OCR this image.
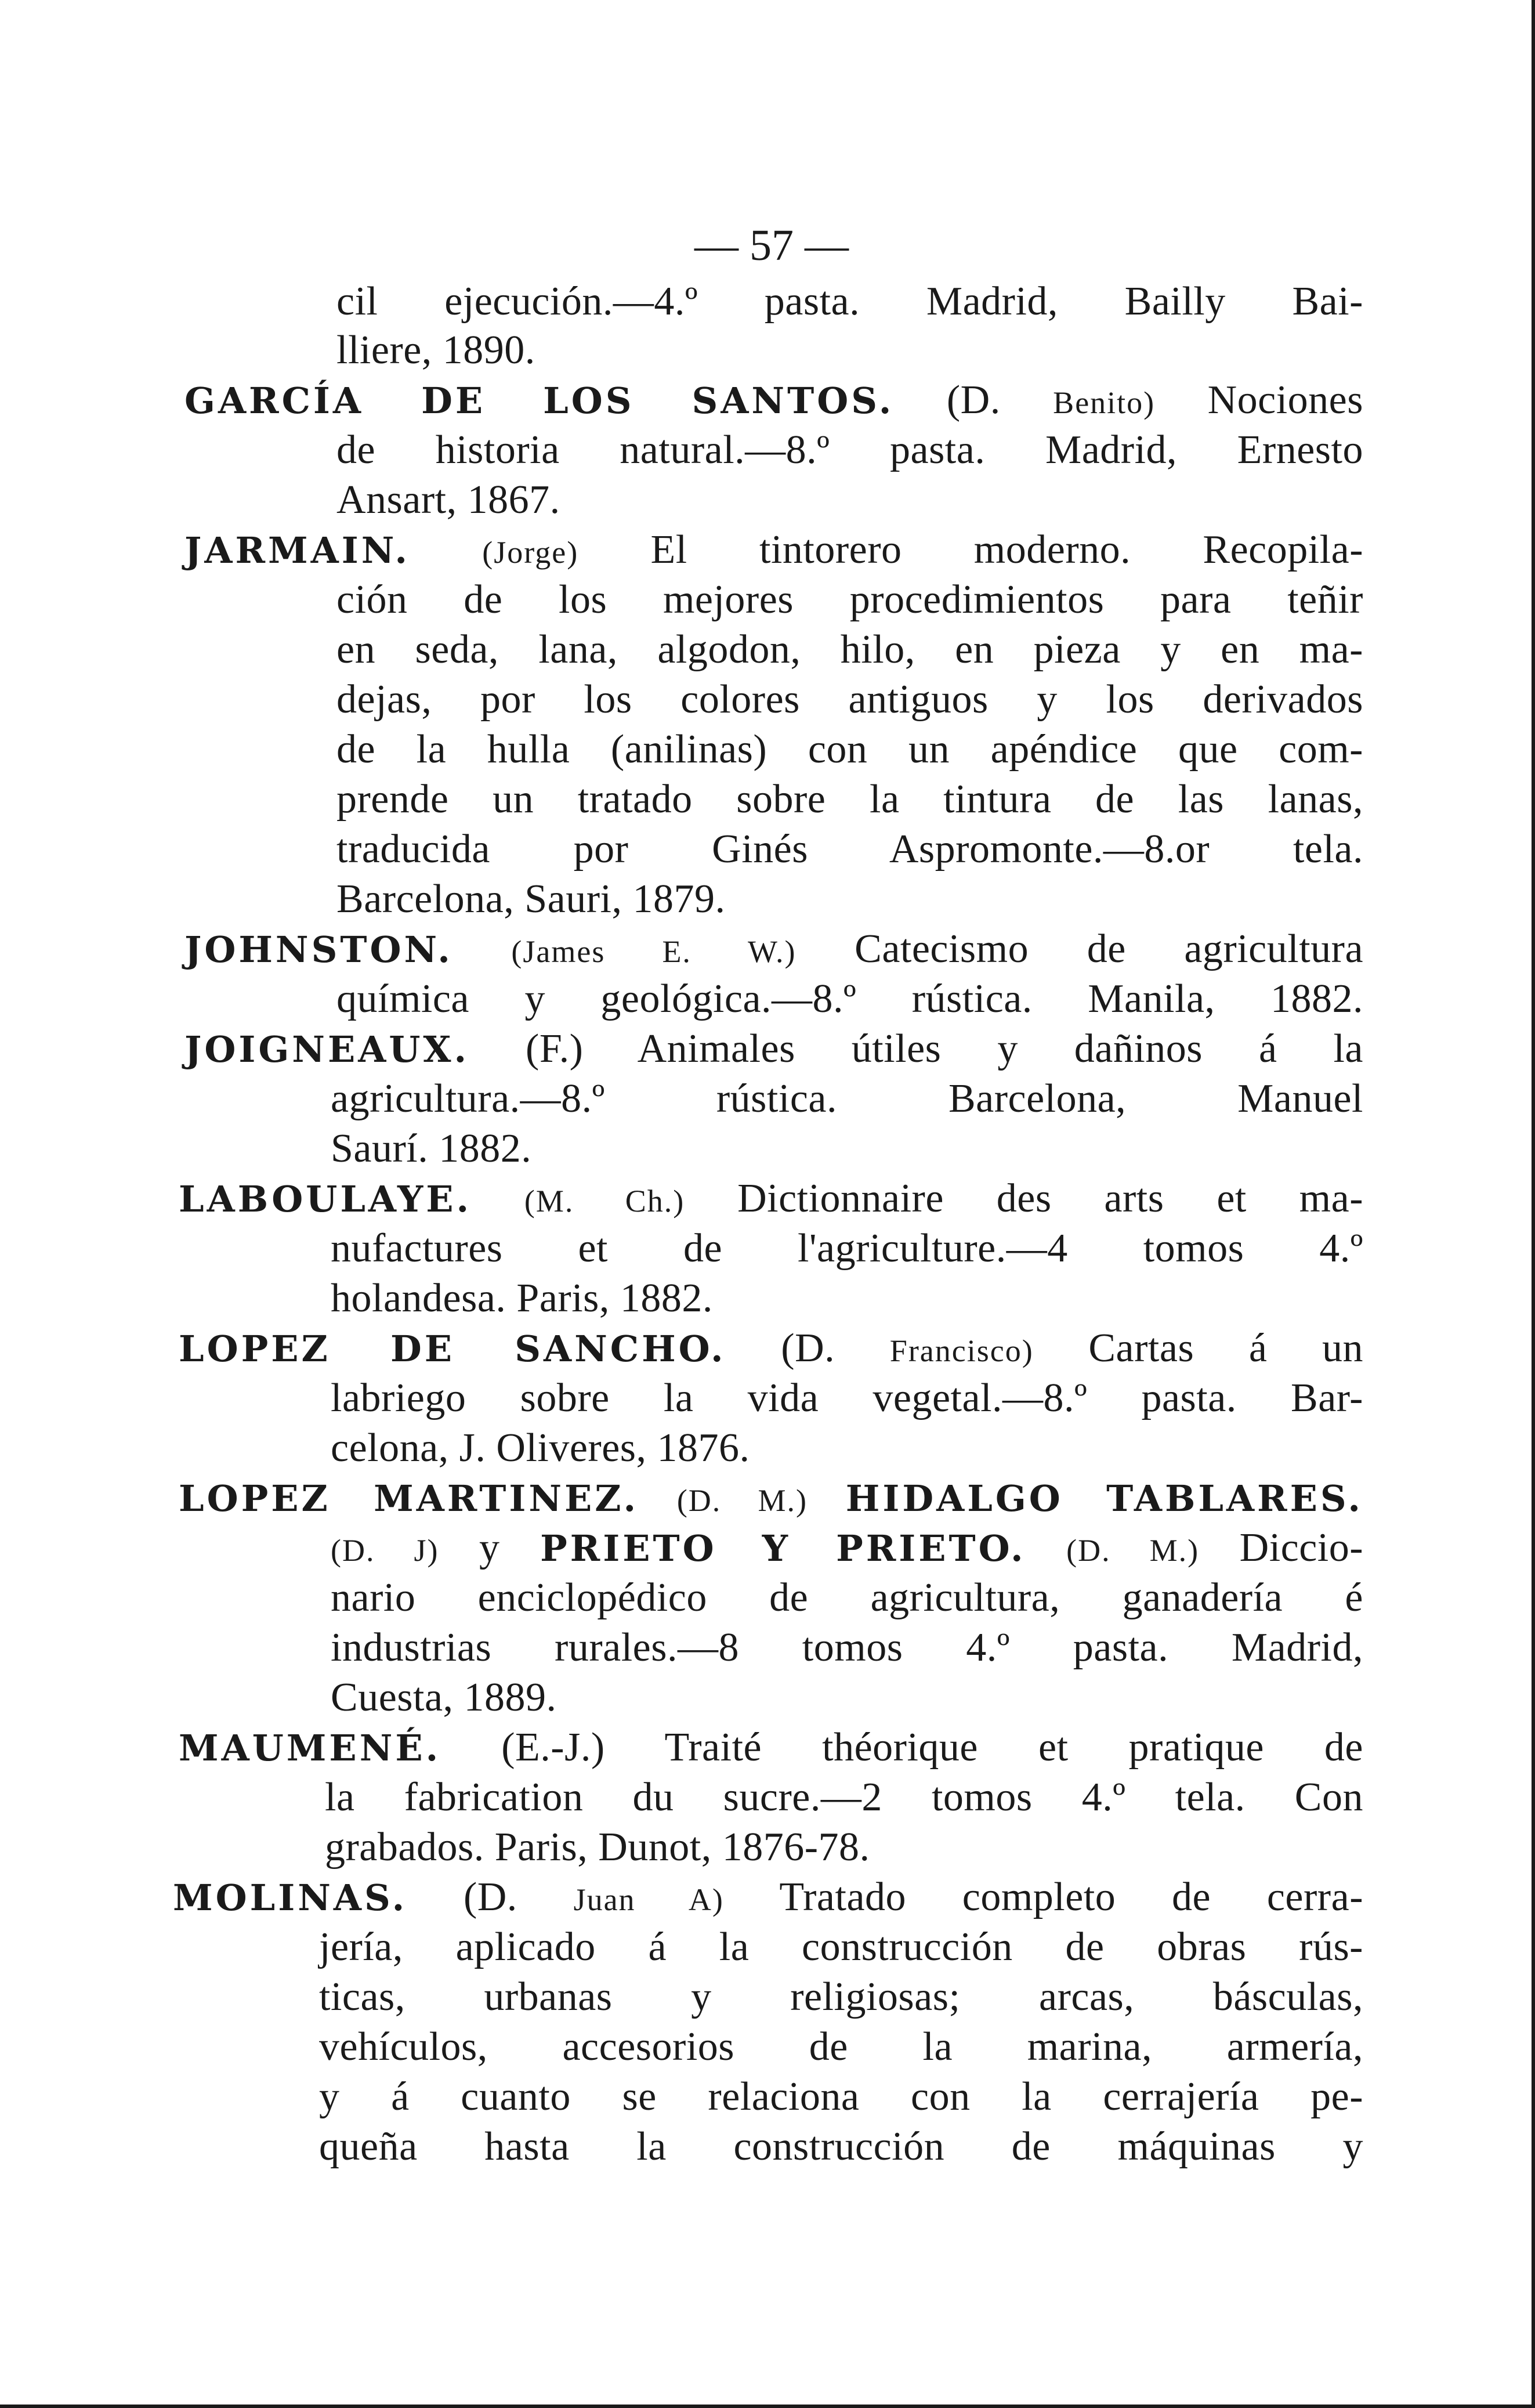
— 57 —
cil ejecución.—4.º pasta. Madrid, Bailly Bai-
lliere, 1890.
GARCÍA DE LOS SANTOS. (D. Benito) Nociones
de historia natural.—8.º pasta. Madrid, Ernesto
Ansart, 1867.
JARMAIN. (Jorge) El tintorero moderno. Recopila-
ción de los mejores procedimientos para teñir
en seda, lana, algodon, hilo, en pieza y en ma-
dejas, por los colores antiguos y los derivados
de la hulla (anilinas) con un apéndice que com-
prende un tratado sobre la tintura de las lanas,
traducida por Ginés Aspromonte.—8.or tela.
Barcelona, Sauri, 1879.
JOHNSTON. (James E. W.) Catecismo de agricultura
química y geológica.—8.º rústica. Manila, 1882.
JOIGNEAUX. (F.) Animales útiles y dañinos á la
agricultura.—8.º rústica. Barcelona, Manuel
Saurí. 1882.
LABOULAYE. (M. Ch.) Dictionnaire des arts et ma-
nufactures et de l'agriculture.—4 tomos 4.º
holandesa. Paris, 1882.
LOPEZ DE SANCHO. (D. Francisco) Cartas á un
labriego sobre la vida vegetal.—8.º pasta. Bar-
celona, J. Oliveres, 1876.
LOPEZ MARTINEZ. (D. M.) HIDALGO TABLARES.
(D. J) y PRIETO Y PRIETO. (D. M.) Diccio-
nario enciclopédico de agricultura, ganadería é
industrias rurales.—8 tomos 4.º pasta. Madrid,
Cuesta, 1889.
MAUMENÉ. (E.-J.) Traité théorique et pratique de
la fabrication du sucre.—2 tomos 4.º tela. Con
grabados. Paris, Dunot, 1876-78.
MOLINAS. (D. Juan A) Tratado completo de cerra-
jería, aplicado á la construcción de obras rús-
ticas, urbanas y religiosas; arcas, básculas,
vehículos, accesorios de la marina, armería,
y á cuanto se relaciona con la cerrajería pe-
queña hasta la construcción de máquinas y
